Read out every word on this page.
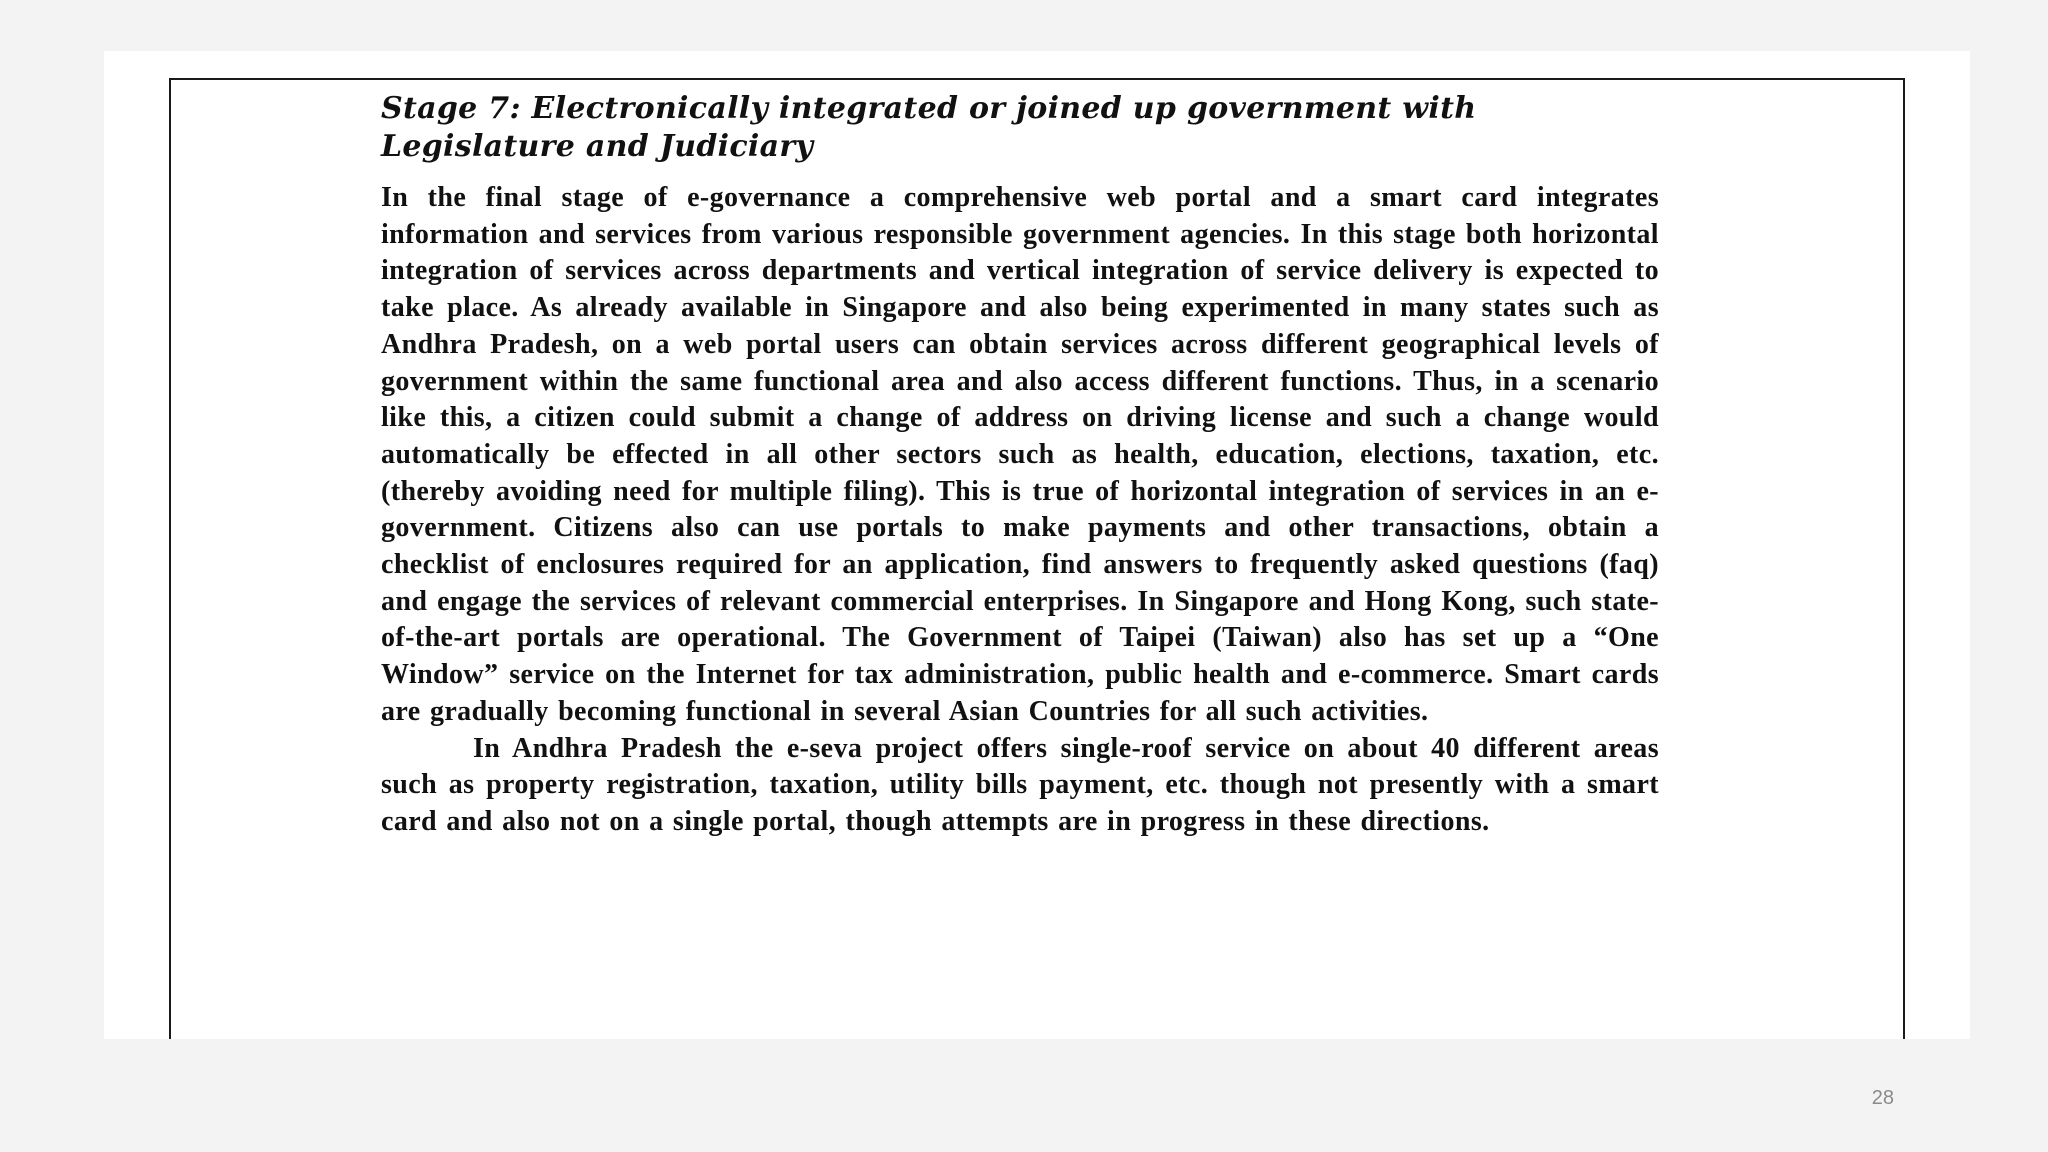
Stage 7: Electronically integrated or joined up government with Legislature and Judiciary

In the final stage of e-governance a comprehensive web portal and a smart card integrates information and services from various responsible government agencies. In this stage both horizontal integration of services across departments and vertical integration of service delivery is expected to take place. As already available in Singapore and also being experimented in many states such as Andhra Pradesh, on a web portal users can obtain services across different geographical levels of government within the same functional area and also access different functions. Thus, in a scenario like this, a citizen could submit a change of address on driving license and such a change would automatically be effected in all other sectors such as health, education, elections, taxation, etc. (thereby avoiding need for multiple filing). This is true of horizontal integration of services in an e-government. Citizens also can use portals to make payments and other transactions, obtain a checklist of enclosures required for an application, find answers to frequently asked questions (faq) and engage the services of relevant commercial enterprises. In Singapore and Hong Kong, such state-of-the-art portals are operational. The Government of Taipei (Taiwan) also has set up a “One Window” service on the Internet for tax administration, public health and e-commerce. Smart cards are gradually becoming functional in several Asian Countries for all such activities.

In Andhra Pradesh the e-seva project offers single-roof service on about 40 different areas such as property registration, taxation, utility bills payment, etc. though not presently with a smart card and also not on a single portal, though attempts are in progress in these directions.

28
